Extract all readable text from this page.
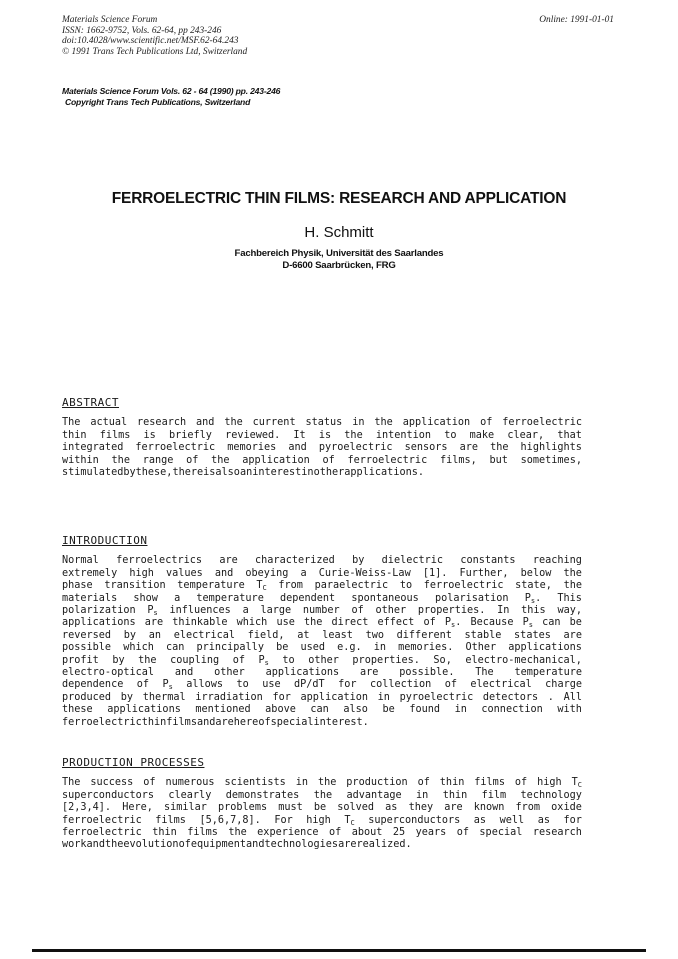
Materials Science Forum
ISSN: 1662-9752, Vols. 62-64, pp 243-246
doi:10.4028/www.scientific.net/MSF.62-64.243
© 1991 Trans Tech Publications Ltd, Switzerland
Online: 1991-01-01
Materials Science Forum Vols. 62 - 64 (1990) pp. 243-246
Copyright Trans Tech Publications, Switzerland
FERROELECTRIC THIN FILMS: RESEARCH AND APPLICATION
H. Schmitt
Fachbereich Physik, Universität des Saarlandes
D-6600 Saarbrücken, FRG
ABSTRACT
The actual research and the current status in the application of ferroelectric
thin films is briefly reviewed. It is the intention to make clear, that
integrated ferroelectric memories and pyroelectric sensors are the highlights
within the range of the application of ferroelectric films, but sometimes,
stimulated by these, there is also an interest in other applications.
INTRODUCTION
Normal ferroelectrics are characterized by dielectric constants reaching
extremely high values and obeying a Curie-Weiss-Law [1]. Further, below the
phase transition temperature $T_C$ from paraelectric to ferroelectric state, the
materials show a temperature dependent spontaneous polarisation $P_s$. This
polarization $P_s$ influences a large number of other properties. In this way,
applications are thinkable which use the direct effect of $P_s$. Because $P_s$ can be
reversed by an electrical field, at least two different stable states are
possible which can principally be used e.g. in memories. Other applications
profit by the coupling of $P_s$ to other properties. So, electro-mechanical,
electro-optical and other applications are possible. The temperature
dependence of $P_s$ allows to use dP/dT for collection of electrical charge
produced by thermal irradiation for application in pyroelectric detectors . All
these applications mentioned above can also be found in connection with
ferroelectric thin films and are here of special interest.
PRODUCTION PROCESSES
The success of numerous scientists in the production of thin films of high $T_C$
superconductors clearly demonstrates the advantage in thin film technology
[2,3,4]. Here, similar problems must be solved as they are known from oxide
ferroelectric films [5,6,7,8]. For high $T_C$ superconductors as well as for
ferroelectric thin films the experience of about 25 years of special research
work and the evolution of equipment and technologies are realized.
